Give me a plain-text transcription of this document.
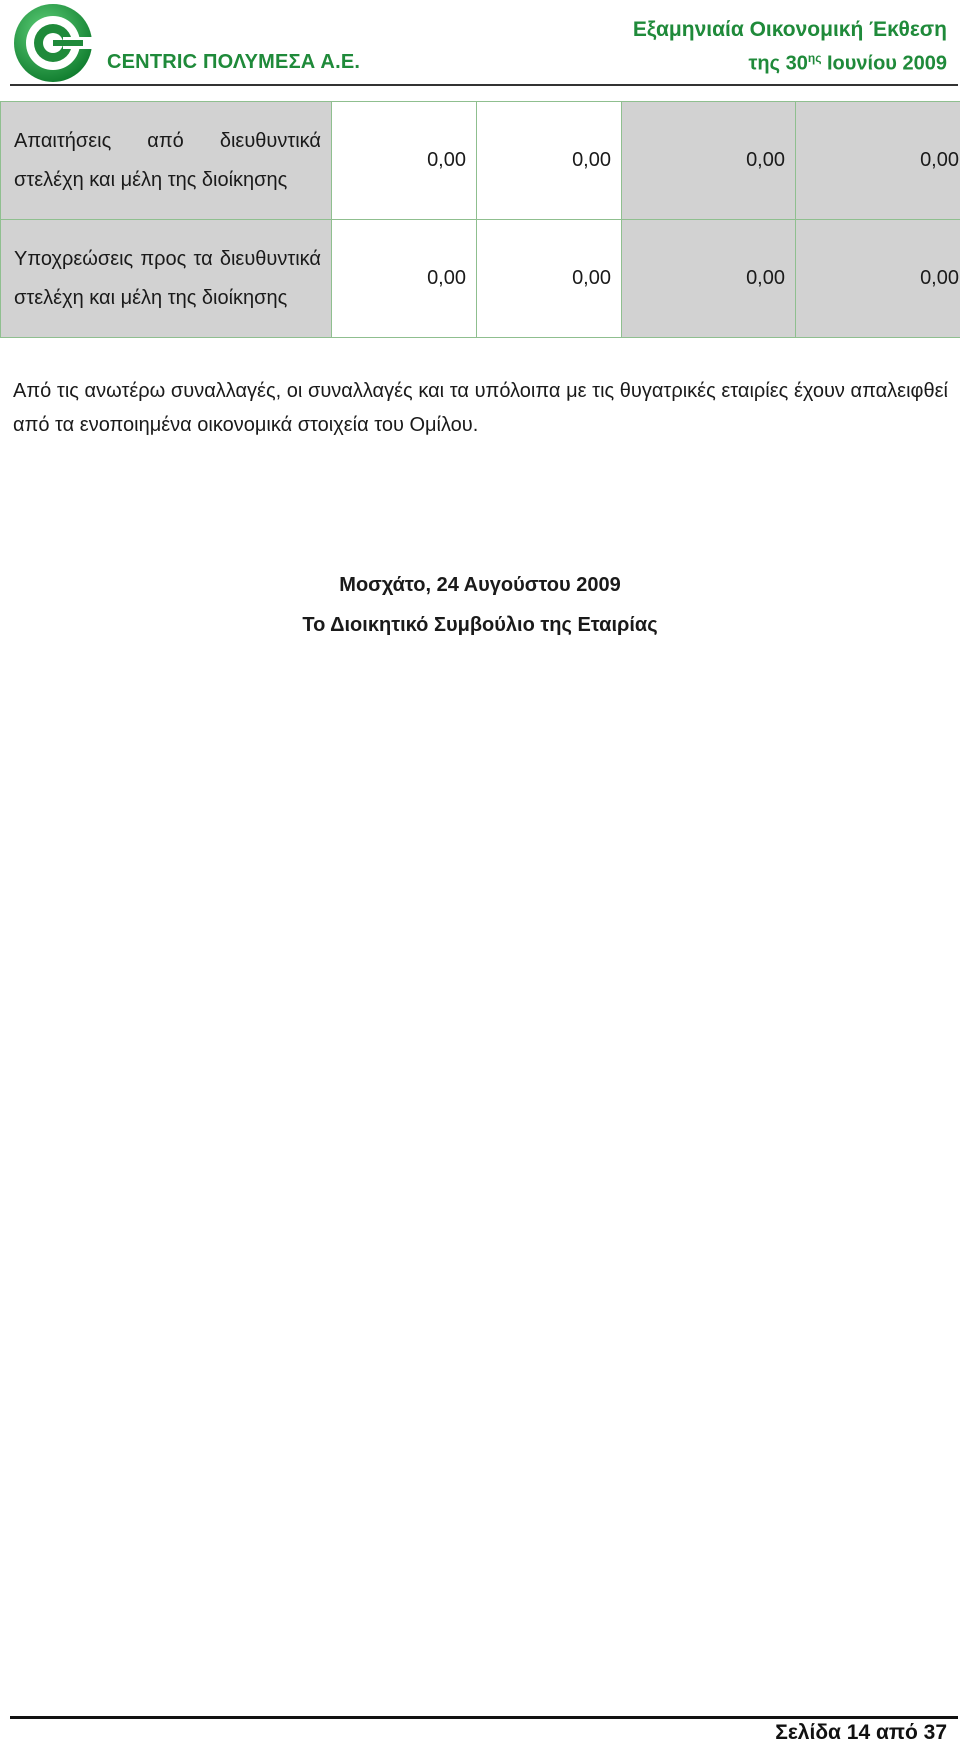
CENTRIC ΠΟΛΥΜΕΣΑ Α.Ε.
Εξαμηνιαία Οικονομική Έκθεση
της $30^{\eta\varsigma}$ Ιουνίου 2009
Απαιτήσεις από διευθυντικά στελέχη και μέλη της διοίκησης	0,00	0,00	0,00	0,00
Υποχρεώσεις προς τα διευθυντικά στελέχη και μέλη της διοίκησης	0,00	0,00	0,00	0,00
Από τις ανωτέρω συναλλαγές, οι συναλλαγές και τα υπόλοιπα με τις θυγατρικές εταιρίες έχουν απαλειφθεί από τα ενοποιημένα οικονομικά στοιχεία του Ομίλου.
Μοσχάτο, 24 Αυγούστου 2009
Το Διοικητικό Συμβούλιο της Εταιρίας
Σελίδα 14 από 37
